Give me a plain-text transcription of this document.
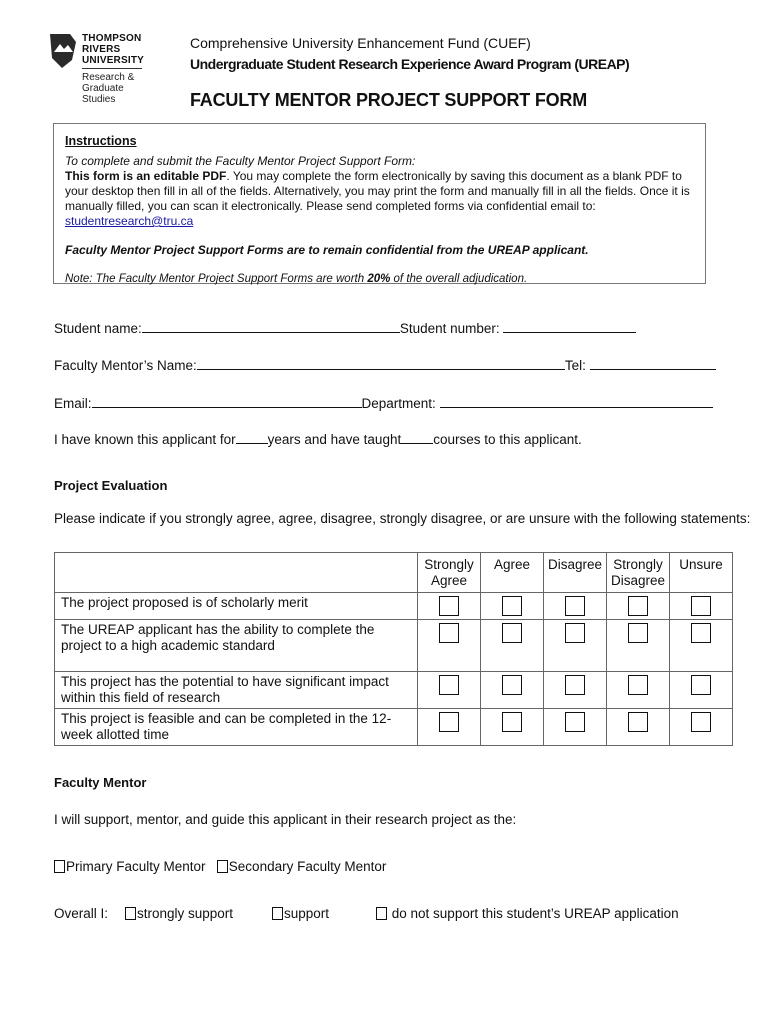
THOMPSON
RIVERS
UNIVERSITY
Research &
Graduate
Studies
Comprehensive University Enhancement Fund (CUEF)
Undergraduate Student Research Experience Award Program (UREAP)
FACULTY MENTOR PROJECT SUPPORT FORM
Instructions

To complete and submit the Faculty Mentor Project Support Form:

This form is an editable PDF. You may complete the form electronically by saving this document as a blank PDF to your desktop then fill in all of the fields. Alternatively, you may print the form and manually fill in all the fields. Once it is manually filled, you can scan it electronically. Please send completed forms via confidential email to: studentresearch@tru.ca

Faculty Mentor Project Support Forms are to remain confidential from the UREAP applicant.

Note: The Faculty Mentor Project Support Forms are worth 20% of the overall adjudication.

Student name:	Student number:
Faculty Mentor’s Name:	Tel:
Email:	Department:
I have known this applicant for years and have taught courses to this applicant.
Project Evaluation
Please indicate if you strongly agree, agree, disagree, strongly disagree, or are unsure with the following statements:
	Strongly Agree	Agree	Disagree	Strongly Disagree	Unsure
The project proposed is of scholarly merit					
The UREAP applicant has the ability to complete the project to a high academic standard					
This project has the potential to have significant impact within this field of research					
This project is feasible and can be completed in the 12-week allotted time					
Faculty Mentor
I will support, mentor, and guide this applicant in their research project as the:
Primary Faculty Mentor Secondary Faculty Mentor
Overall I:	strongly support	support	do not support this student’s UREAP application
